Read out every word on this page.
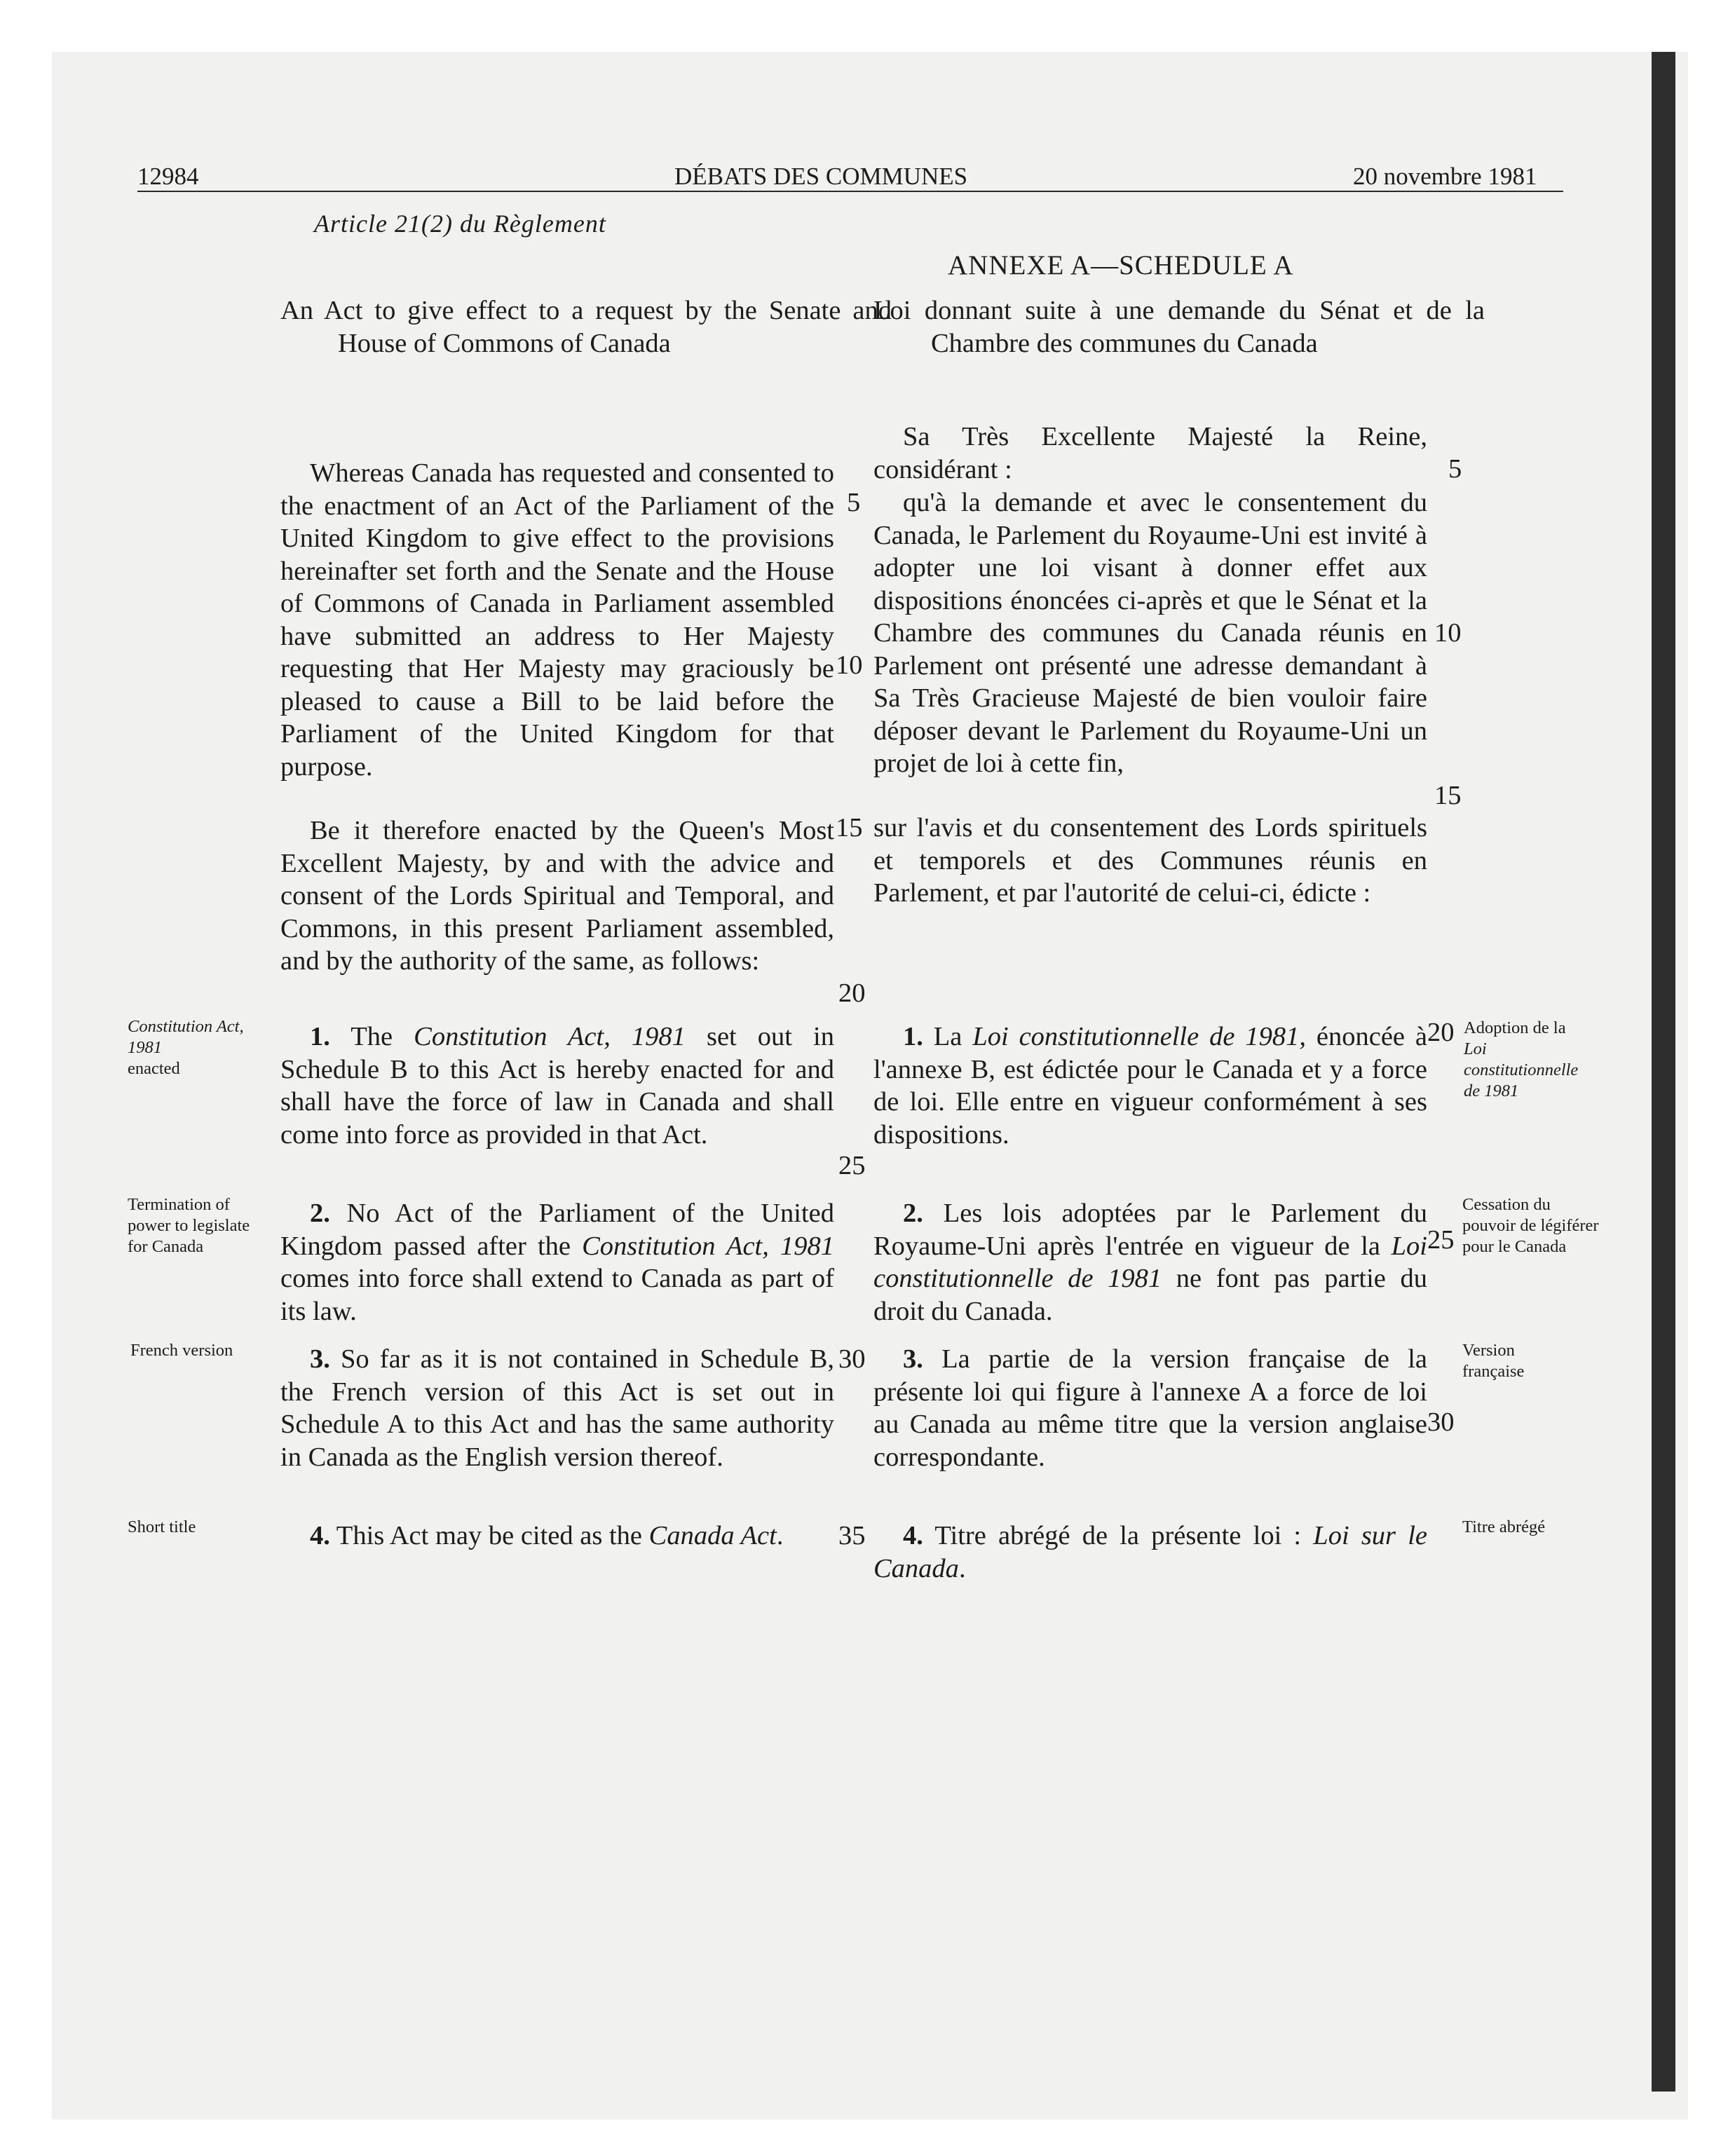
12984	DÉBATS DES COMMUNES	20 novembre 1981
Article 21(2) du Règlement
ANNEXE A—SCHEDULE A
An Act to give effect to a request by the Senate and House of Commons of Canada
Whereas Canada has requested and consented to the enactment of an Act of the Parliament of the United Kingdom to give effect to the provisions hereinafter set forth and the Senate and the House of Commons of Canada in Parliament assembled have submitted an address to Her Majesty requesting that Her Majesty may graciously be pleased to cause a Bill to be laid before the Parliament of the United Kingdom for that purpose.
Be it therefore enacted by the Queen's Most Excellent Majesty, by and with the advice and consent of the Lords Spiritual and Temporal, and Commons, in this present Parliament assembled, and by the authority of the same, as follows:
1. The Constitution Act, 1981 set out in Schedule B to this Act is hereby enacted for and shall have the force of law in Canada and shall come into force as provided in that Act.
2. No Act of the Parliament of the United Kingdom passed after the Constitution Act, 1981 comes into force shall extend to Canada as part of its law.
3. So far as it is not contained in Schedule B, the French version of this Act is set out in Schedule A to this Act and has the same authority in Canada as the English version thereof.
4. This Act may be cited as the Canada Act.
5
10
15
20
25
30
35
Loi donnant suite à une demande du Sénat et de la Chambre des communes du Canada
Sa Très Excellente Majesté la Reine, considérant :
qu'à la demande et avec le consentement du Canada, le Parlement du Royaume-Uni est invité à adopter une loi visant à donner effet aux dispositions énoncées ci-après et que le Sénat et la Chambre des communes du Canada réunis en Parlement ont présenté une adresse demandant à Sa Très Gracieuse Majesté de bien vouloir faire déposer devant le Parlement du Royaume-Uni un projet de loi à cette fin,
sur l'avis et du consentement des Lords spirituels et temporels et des Communes réunis en Parlement, et par l'autorité de celui-ci, édicte :
1. La Loi constitutionnelle de 1981, énoncée à l'annexe B, est édictée pour le Canada et y a force de loi. Elle entre en vigueur conformément à ses dispositions.
2. Les lois adoptées par le Parlement du Royaume-Uni après l'entrée en vigueur de la Loi constitutionnelle de 1981 ne font pas partie du droit du Canada.
3. La partie de la version française de la présente loi qui figure à l'annexe A a force de loi au Canada au même titre que la version anglaise correspondante.
4. Titre abrégé de la présente loi : Loi sur le Canada.
5
10
15
20
25
30
Constitution Act, 1981
enacted
Termination of power to legislate for Canada
French version
Short title
Adoption de la
Loi constitutionnelle de 1981
Cessation du pouvoir de légiférer pour le Canada
Version française
Titre abrégé
